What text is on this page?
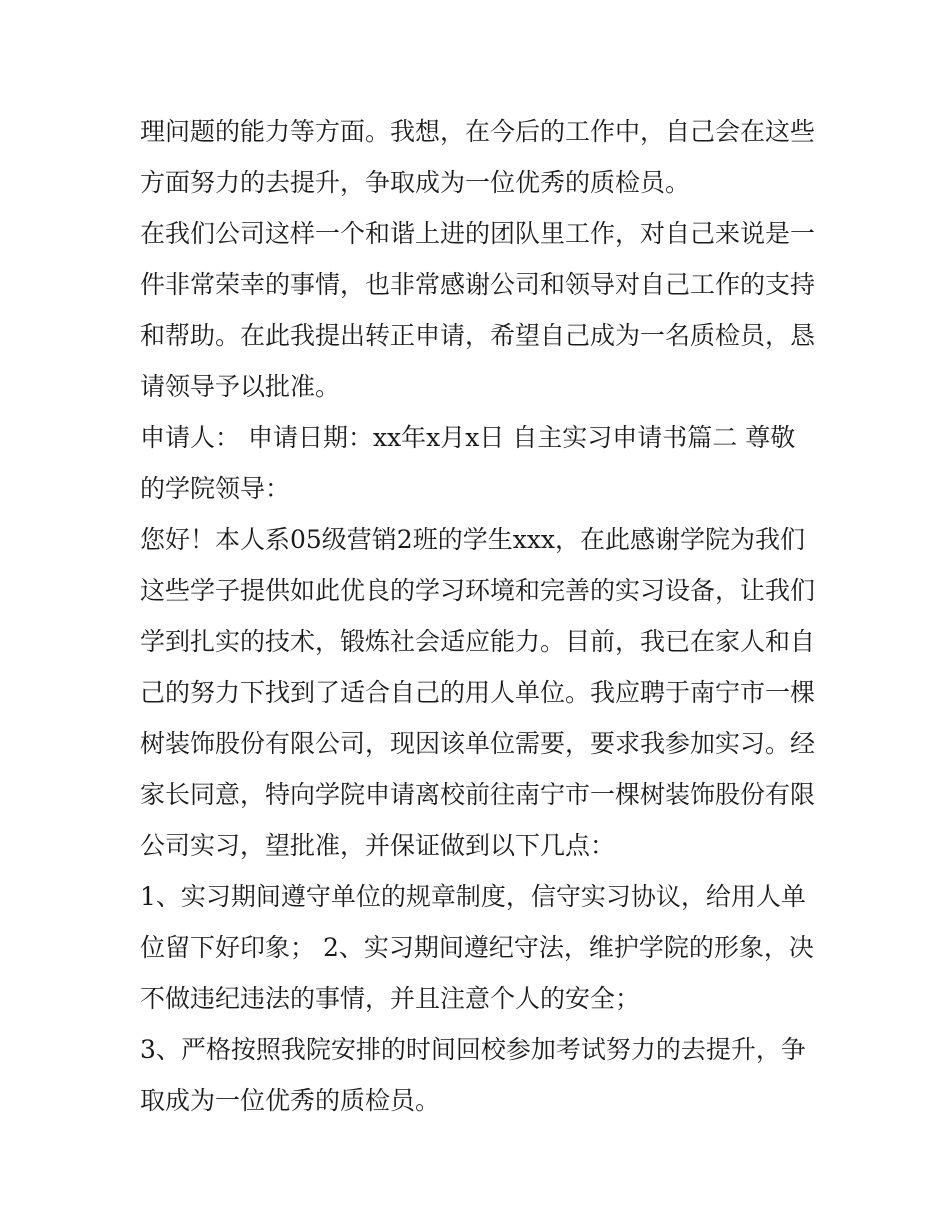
理问题的能力等方面。我想，在今后的工作中，自己会在这些方面努力的去提升，争取成为一位优秀的质检员。

在我们公司这样一个和谐上进的团队里工作，对自己来说是一件非常荣幸的事情，也非常感谢公司和领导对自己工作的支持和帮助。在此我提出转正申请，希望自己成为一名质检员，恳请领导予以批准。

申请人： 申请日期：xx年x月x日 自主实习申请书篇二 尊敬的学院领导：

您好！本人系05级营销2班的学生xxx，在此感谢学院为我们这些学子提供如此优良的学习环境和完善的实习设备，让我们学到扎实的技术，锻炼社会适应能力。目前，我已在家人和自己的努力下找到了适合自己的用人单位。我应聘于南宁市一棵树装饰股份有限公司，现因该单位需要，要求我参加实习。经家长同意，特向学院申请离校前往南宁市一棵树装饰股份有限公司实习，望批准，并保证做到以下几点：

1、实习期间遵守单位的规章制度，信守实习协议，给用人单位留下好印象； 2、实习期间遵纪守法，维护学院的形象，决不做违纪违法的事情，并且注意个人的安全；

3、严格按照我院安排的时间回校参加考试努力的去提升，争取成为一位优秀的质检员。
